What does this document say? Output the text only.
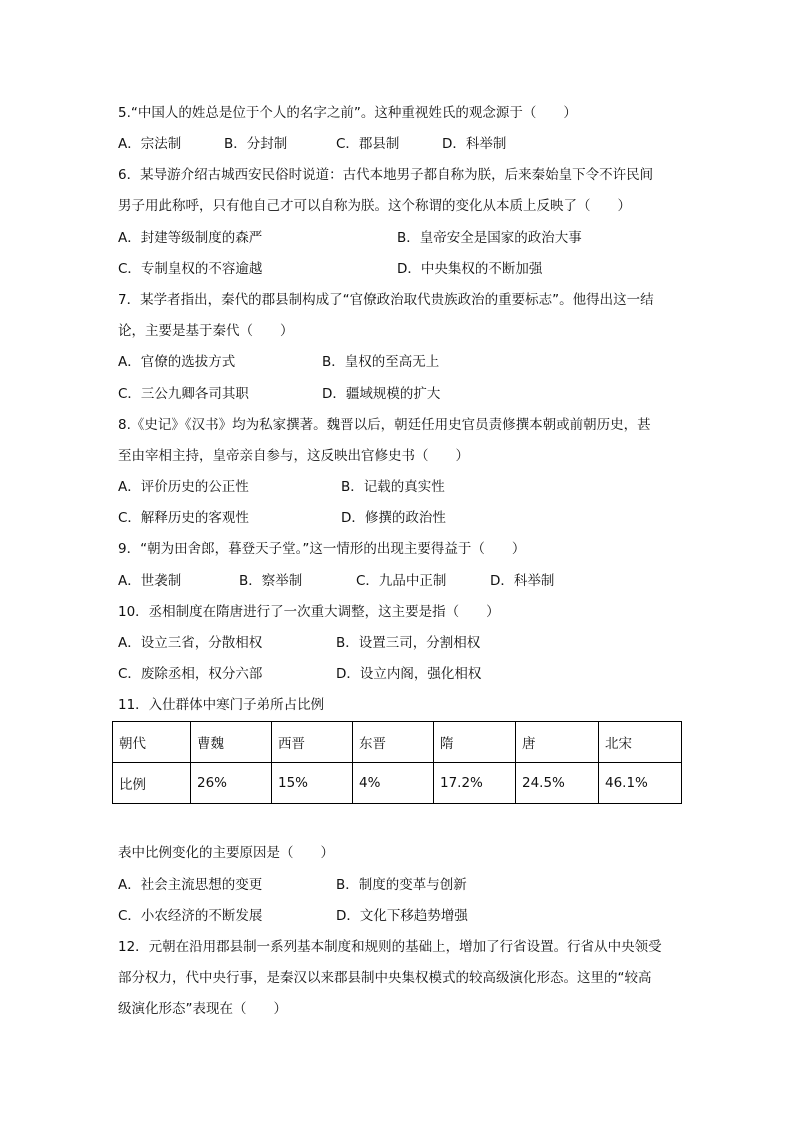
5.“中国人的姓总是位于个人的名字之前”。这种重视姓氏的观念源于（　　）
A．宗法制	B．分封制	C．郡县制	D．科举制
6．某导游介绍古城西安民俗时说道：古代本地男子都自称为朕，后来秦始皇下令不许民间
男子用此称呼，只有他自己才可以自称为朕。这个称谓的变化从本质上反映了（　　）
A．封建等级制度的森严	B．皇帝安全是国家的政治大事
C．专制皇权的不容逾越	D．中央集权的不断加强
7．某学者指出，秦代的郡县制构成了“官僚政治取代贵族政治的重要标志”。他得出这一结
论，主要是基于秦代（　　）
A．官僚的选拔方式	B．皇权的至高无上
C．三公九卿各司其职	D．疆域规模的扩大
8.《史记》《汉书》均为私家撰著。魏晋以后，朝廷任用史官员责修撰本朝或前朝历史，甚
至由宰相主持，皇帝亲自参与，这反映出官修史书（　　）
A．评价历史的公正性	B．记载的真实性
C．解释历史的客观性	D．修撰的政治性
9．“朝为田舍郎，暮登天子堂。”这一情形的出现主要得益于（　　）
A．世袭制	B．察举制	C．九品中正制	D．科举制
10．丞相制度在隋唐进行了一次重大调整，这主要是指（　　）
A．设立三省，分散相权	B．设置三司，分割相权
C．废除丞相，权分六部	D．设立内阁，强化相权
11．入仕群体中寒门子弟所占比例
朝代	曹魏	西晋	东晋	隋	唐	北宋
比例	26%	15%	4%	17.2%	24.5%	46.1%
表中比例变化的主要原因是（　　）
A．社会主流思想的变更	B．制度的变革与创新
C．小农经济的不断发展	D．文化下移趋势增强
12．元朝在沿用郡县制一系列基本制度和规则的基础上，增加了行省设置。行省从中央领受
部分权力，代中央行事，是秦汉以来郡县制中央集权模式的较高级演化形态。这里的“较高
级演化形态”表现在（　　）
